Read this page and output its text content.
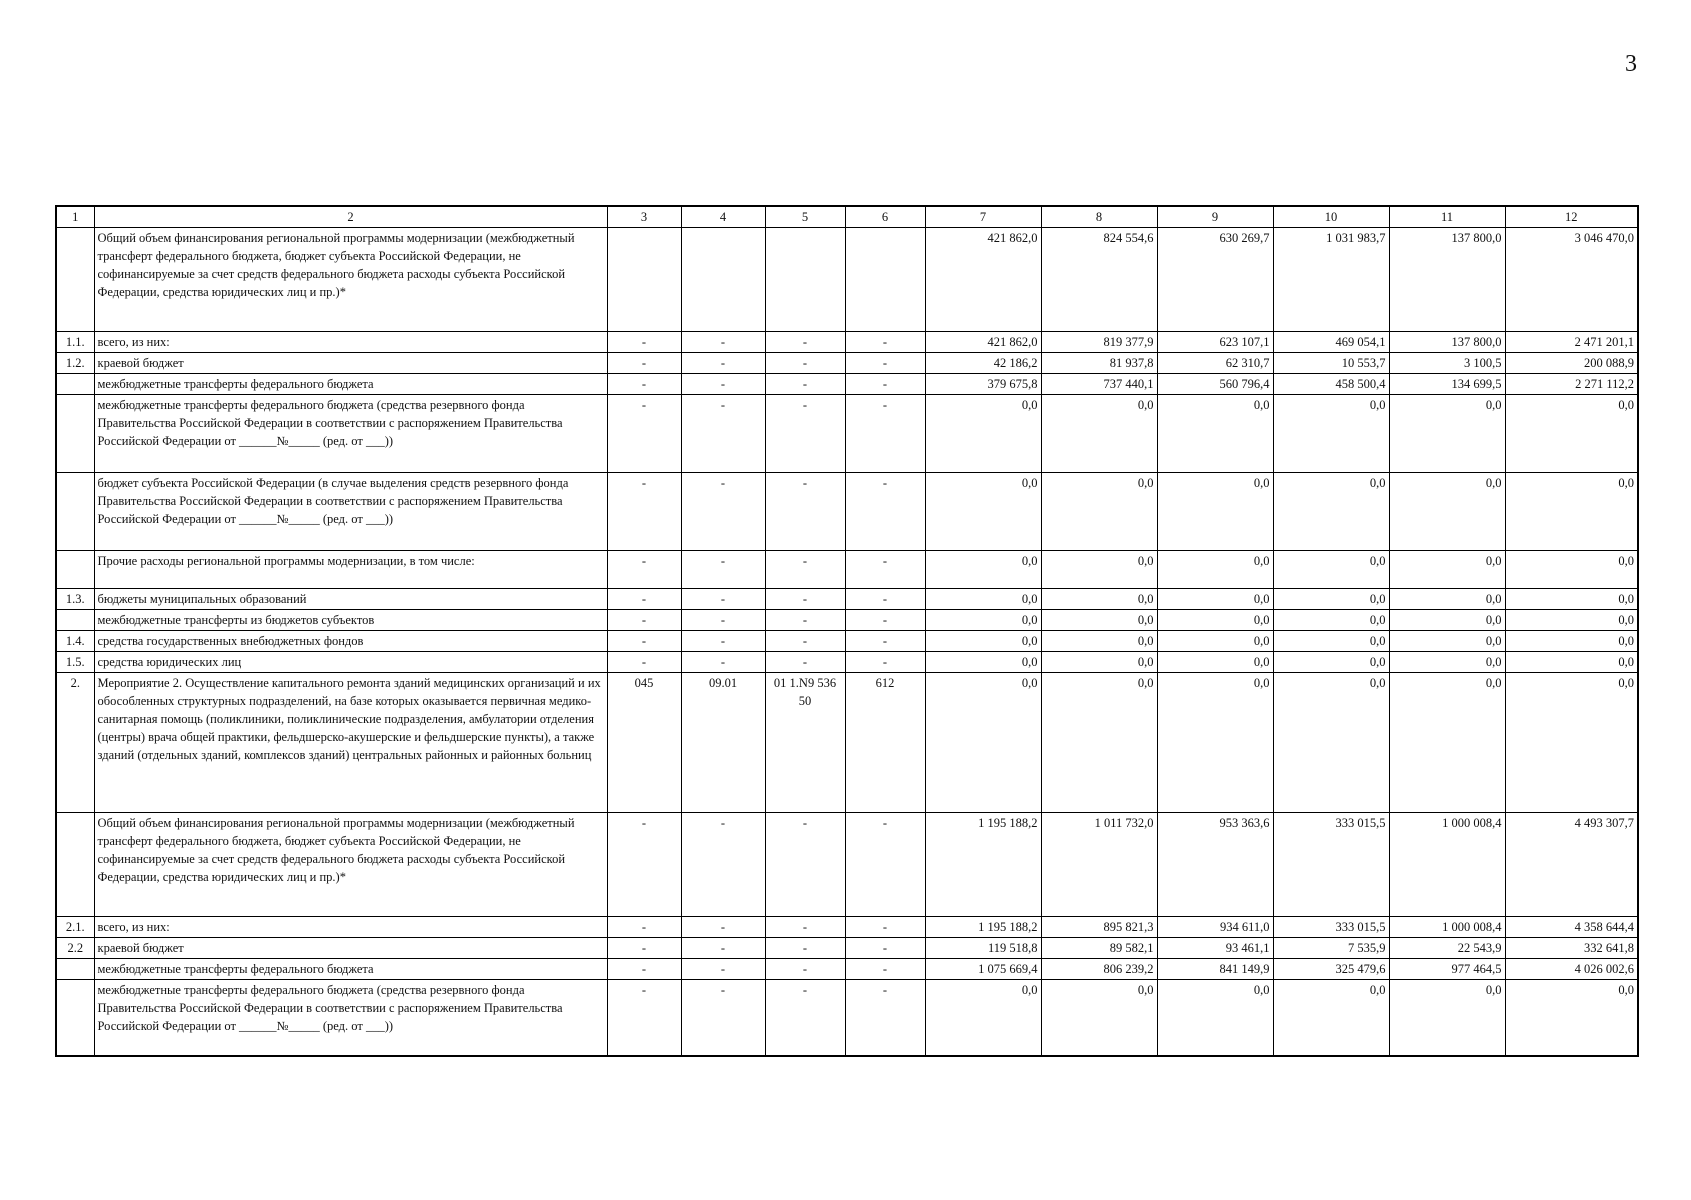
3
1	2	3	4	5	6	7	8	9	10	11	12
	Общий объем финансирования региональной программы модернизации (межбюджетный трансферт федерального бюджета, бюджет субъекта Российской Федерации, не софинансируемые за счет средств федерального бюджета расходы субъекта Российской Федерации, средства юридических лиц и пр.)*					421 862,0	824 554,6	630 269,7	1 031 983,7	137 800,0	3 046 470,0
1.1.	всего, из них:	-	-	-	-	421 862,0	819 377,9	623 107,1	469 054,1	137 800,0	2 471 201,1
1.2.	краевой бюджет	-	-	-	-	42 186,2	81 937,8	62 310,7	10 553,7	3 100,5	200 088,9
	межбюджетные трансферты федерального бюджета	-	-	-	-	379 675,8	737 440,1	560 796,4	458 500,4	134 699,5	2 271 112,2
	межбюджетные трансферты федерального бюджета (средства резервного фонда Правительства Российской Федерации в соответствии с распоряжением Правительства Российской Федерации от ______№_____ (ред. от ___))	-	-	-	-	0,0	0,0	0,0	0,0	0,0	0,0
	бюджет субъекта Российской Федерации (в случае выделения средств резервного фонда Правительства Российской Федерации в соответствии с распоряжением Правительства Российской Федерации от ______№_____ (ред. от ___))	-	-	-	-	0,0	0,0	0,0	0,0	0,0	0,0
	Прочие расходы региональной программы модернизации, в том числе:	-	-	-	-	0,0	0,0	0,0	0,0	0,0	0,0
1.3.	бюджеты муниципальных образований	-	-	-	-	0,0	0,0	0,0	0,0	0,0	0,0
	межбюджетные трансферты из бюджетов субъектов	-	-	-	-	0,0	0,0	0,0	0,0	0,0	0,0
1.4.	средства государственных внебюджетных фондов	-	-	-	-	0,0	0,0	0,0	0,0	0,0	0,0
1.5.	средства юридических лиц	-	-	-	-	0,0	0,0	0,0	0,0	0,0	0,0
2.	Мероприятие 2. Осуществление капитального ремонта зданий медицинских организаций и их обособленных структурных подразделений, на базе которых оказывается первичная медико-санитарная помощь (поликлиники, поликлинические подразделения, амбулатории отделения (центры) врача общей практики, фельдшерско-акушерские и фельдшерские пункты), а также зданий (отдельных зданий, комплексов зданий) центральных районных и районных больниц	045	09.01	01 1.N9 536 50	612	0,0	0,0	0,0	0,0	0,0	0,0
	Общий объем финансирования региональной программы модернизации (межбюджетный трансферт федерального бюджета, бюджет субъекта Российской Федерации, не софинансируемые за счет средств федерального бюджета расходы субъекта Российской Федерации, средства юридических лиц и пр.)*	-	-	-	-	1 195 188,2	1 011 732,0	953 363,6	333 015,5	1 000 008,4	4 493 307,7
2.1.	всего, из них:	-	-	-	-	1 195 188,2	895 821,3	934 611,0	333 015,5	1 000 008,4	4 358 644,4
2.2	краевой бюджет	-	-	-	-	119 518,8	89 582,1	93 461,1	7 535,9	22 543,9	332 641,8
	межбюджетные трансферты федерального бюджета	-	-	-	-	1 075 669,4	806 239,2	841 149,9	325 479,6	977 464,5	4 026 002,6
	межбюджетные трансферты федерального бюджета (средства резервного фонда Правительства Российской Федерации в соответствии с распоряжением Правительства Российской Федерации от ______№_____ (ред. от ___))	-	-	-	-	0,0	0,0	0,0	0,0	0,0	0,0
